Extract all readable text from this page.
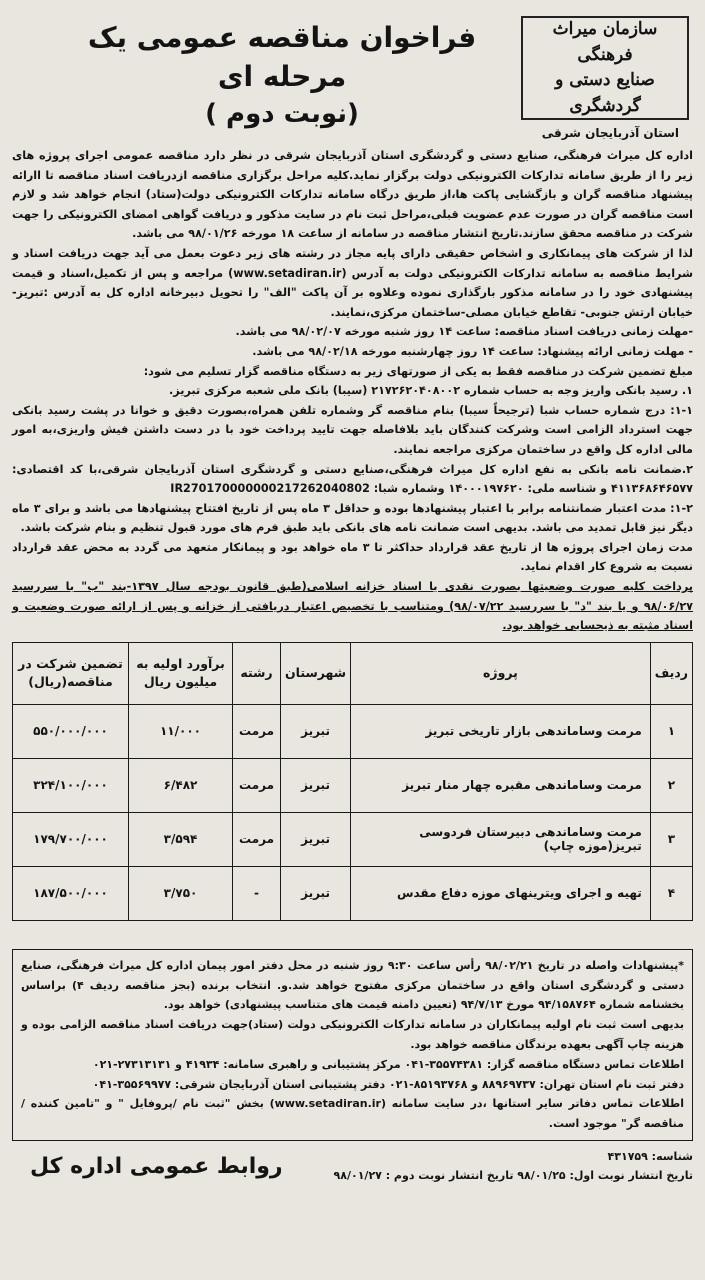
سازمان میراث فرهنگی
صنایع دستی و گردشگری
استان آذربایجان شرقی
فراخوان مناقصه عمومی یک مرحله ای
(نوبت دوم )

اداره کل میراث فرهنگی، صنایع دستی و گردشگری استان آذربایجان شرقی در نظر دارد مناقصه عمومی اجرای پروژه های زیر را از طریق سامانه تدارکات الکترونیکی دولت برگزار نماید.کلیه مراحل برگزاری مناقصه ازدریافت اسناد مناقصه تا اارائه پیشنهاد مناقصه گران و بازگشایی پاکت ها،از طریق درگاه سامانه تدارکات الکترونیکی دولت(ستاد) انجام خواهد شد و لازم است مناقصه گران در صورت عدم عضویت قبلی،مراحل ثبت نام در سایت مذکور و دریافت گواهی امضای الکترونیکی را جهت شرکت در مناقصه محقق سازند.تاریخ انتشار مناقصه در سامانه از ساعت ۱۸ مورخه ۹۸/۰۱/۲۶ می باشد.

لذا از شرکت های پیمانکاری و اشخاص حقیقی دارای پایه مجاز در رشته های زیر دعوت بعمل می آید جهت دریافت اسناد و شرایط مناقصه به سامانه تدارکات الکترونیکی دولت به آدرس (www.setadiran.ir) مراجعه و پس از تکمیل،اسناد و قیمت پیشنهادی خود را در سامانه مذکور بارگذاری نموده وعلاوه بر آن پاکت "الف" را تحویل دبیرخانه اداره کل به آدرس :تبریز-خیابان ارتش جنوبی- تقاطع خیابان مصلی-ساختمان مرکزی،نمایند.

-مهلت زمانی دریافت اسناد مناقصه: ساعت ۱۴ روز شنبه مورخه ۹۸/۰۲/۰۷ می باشد.

- مهلت زمانی ارائه پیشنهاد: ساعت ۱۴ روز چهارشنبه مورخه ۹۸/۰۲/۱۸ می باشد.

مبلغ تضمین شرکت در مناقصه فقط به یکی از صورتهای زیر به دستگاه مناقصه گزار تسلیم می شود:

۱. رسید بانکی واریز وجه به حساب شماره ۲۱۷۲۶۲۰۴۰۸۰۰۲ (سیبا) بانک ملی شعبه مرکزی تبریز.

۱-۱: درج شماره حساب شبا (ترجیحاً سیبا) بنام مناقصه گر وشماره تلفن همراه،بصورت دقیق و خوانا در پشت رسید بانکی جهت استرداد الزامی است وشرکت کنندگان باید بلافاصله جهت تایید پرداخت خود با در دست داشتن فیش واریزی،به امور مالی اداره کل واقع در ساختمان مرکزی مراجعه نمایند.

۲.ضمانت نامه بانکی به نفع اداره کل میراث فرهنگی،صنایع دستی و گردشگری استان آذربایجان شرقی،با کد اقتصادی: ۴۱۱۳۶۸۶۴۶۵۷۷ و شناسه ملی: ۱۴۰۰۰۱۹۷۶۲۰ وشماره شبا: IR270170000000217262040802

۱-۲: مدت اعتبار ضمانتنامه برابر با اعتبار پیشنهادها بوده و حداقل ۳ ماه پس از تاریخ افتتاح پیشنهادها می باشد و برای ۳ ماه دیگر نیز قابل تمدید می باشد. بدیهی است ضمانت نامه های بانکی باید طبق فرم های مورد قبول تنظیم و بنام شرکت باشد.

مدت زمان اجرای پروژه ها از تاریخ عقد قرارداد حداکثر تا ۳ ماه خواهد بود و پیمانکار متعهد می گردد به محض عقد قرارداد نسبت به شروع کار اقدام نماید.

پرداخت کلیه صورت وضعیتها بصورت نقدی یا اسناد خزانه اسلامی(طبق قانون بودجه سال ۱۳۹۷-بند "ب" با سررسید ۹۸/۰۶/۲۷ و یا بند "د" با سررسید ۹۸/۰۷/۲۲) ومتناسب با تخصیص اعتبار دریافتی از خزانه و پس از ارائه صورت وضعیت و اسناد مثبته به ذیحسابی خواهد بود.

ردیف	پروژه	شهرستان	رشته	برآورد اولیه به میلیون ریال	تضمین شرکت در مناقصه(ریال)
۱	مرمت وساماندهی بازار تاریخی تبریز	تبریز	مرمت	۱۱/۰۰۰	۵۵۰/۰۰۰/۰۰۰
۲	مرمت وساماندهی مقبره چهار منار تبریز	تبریز	مرمت	۶/۴۸۲	۳۲۴/۱۰۰/۰۰۰
۳	مرمت وساماندهی دبیرستان فردوسی تبریز(موزه چاپ)	تبریز	مرمت	۳/۵۹۴	۱۷۹/۷۰۰/۰۰۰
۴	تهیه و اجرای ویترینهای موزه دفاع مقدس	تبریز	-	۳/۷۵۰	۱۸۷/۵۰۰/۰۰۰

*پیشنهادات واصله در تاریخ ۹۸/۰۲/۲۱ رأس ساعت ۹:۳۰ روز شنبه در محل دفتر امور پیمان اداره کل میراث فرهنگی، صنایع دستی و گردشگری استان واقع در ساختمان مرکزی مفتوح خواهد شد.و. انتخاب برنده (بجز مناقصه ردیف ۴) براساس بخشنامه شماره ۹۴/۱۵۸۷۶۴ مورخ ۹۴/۷/۱۳ (تعیین دامنه قیمت های متناسب پیشنهادی) خواهد بود.

بدیهی است ثبت نام اولیه پیمانکاران در سامانه تدارکات الکترونیکی دولت (ستاد)جهت دریافت اسناد مناقصه الزامی بوده و هزینه چاپ آگهی بعهده برندگان مناقصه خواهد بود.

اطلاعات تماس دستگاه مناقصه گزار: ۳۵۵۷۴۳۸۱-۰۴۱ مرکز پشتیبانی و راهبری سامانه: ۴۱۹۳۴ و ۲۷۳۱۳۱۳۱-۰۲۱

دفتر ثبت نام استان تهران: ۸۸۹۶۹۷۳۷ و ۸۵۱۹۳۷۶۸-۰۲۱ دفتر پشتیبانی استان آذربایجان شرقی: ۳۵۵۶۹۹۷۷-۰۴۱

اطلاعات تماس دفاتر سایر استانها ،در سایت سامانه (www.setadiran.ir) بخش "ثبت نام /پروفایل " و "تامین کننده /مناقصه گر" موجود است.

شناسه: ۴۳۱۷۵۹
تاریخ انتشار نوبت اول: ۹۸/۰۱/۲۵ تاریخ انتشار نوبت دوم : ۹۸/۰۱/۲۷
روابط عمومی اداره کل
